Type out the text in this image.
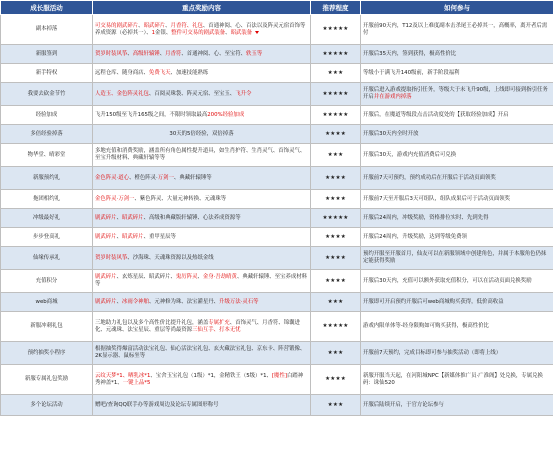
成长服活动	重点奖励内容	推荐程度	如何参与
副本掉落	可交易的剧武碎片、昭武碎片、月香符、礼包、首通神阅、心、百法以及阵灵元宿首饰等养成资源（必掉其一）、1金银、整件可交易的剧武装备、昭武装备	★★★★★	开服前90天内，T12及以上难度副本击杀尾王必掉其一，高概率，离开者后需付
新服签到	贺岁时装风筝、高级轩辕锤、月香符、首通神阅、心、至宝符、轶玉等	★★★★★	开服后35天内，签到获得，极高性价比
新手特权	远程仓库、随身商店、免费飞天、加速技能熟练	★★★	等级小于满飞升140级前，新手阶段福利
我要去砍金节竹	人造玉、金色阵灵礼包、百阅灵珠袋、阵灵元宿、至宝玉、飞升令	★★★★★	开服后进入游戏提取指引任务，等级大于未飞升90级，上线即可接到指引任务开启并在游戏内掉落
经验加成	飞升150级至飞升165级之间，不限时领取最高200%经验加成	★★★★★	开服后，在魔道等级段点击活动度处的【获取经验加成】开启
多倍经验掉落	30天的5倍经验，双倍掉落	★★★★	开服后30天内全时开放
物华堂、晴彩堂	多地充值和消费奖励，涵盖所有角色属性提升道具，如生肖护符、生肖灵气、首饰灵气、至宝升级材料、典藏轩辕等等	★★★	开服后30天，游戏内充值消费后可兑换
新服预约礼	金色阵灵·道心、橙色阵灵·万剑一、典藏轩辕锤等	★★★★	开服前7天可预约，预约成功后在开服后于活动页面领奖
拖团相约礼	金色阵灵·万剑一、紫色阵灵、大量元神转换、元魂珠等	★★★★	开服前7天至开服后3天可组队，组队成果后可于活动页面领奖
冲级最好礼	剧武碎片、昭武碎片、高级和典藏版轩辕锤、心法养成资源等	★★★★★	开服后24周内，冲级奖励，资格排位实时、先到先得
步步登高礼	剧武碎片、昭武碎片、重甲星辰等	★★★★	开服后24周内，升级奖励，达到等级免费领
仙缘传承礼	贺岁时装风筝、沙海珠、天魂珠资源以及热纸金线	★★★★	预约开服至开服首月，仙友可以在新服领域中创建角色，并属于本服角色仍抹定能获得奖励
充值积分	剧武碎片、玄炼星辰、昭武碎片、鬼厉阵灵、金身·吾劫晴黄、典藏轩辕锤、至宝养成材料等	★★★★	开服后30天内，充值可以额外获取充值积分，可以在活动页面兑换奖励
web商城	剧武碎片、冰雨令神舶、元神修为珠、法宝灌星丹、升级万法·灵石等	★★★	开服即可开启预约开服后可web商城购买获得，低价高收益
新服冲刺礼包	三地助力礼包以及多个高性价比提升礼包，涵盖专属扩充、首饰灵气、月香符、锦囊进化、元魂珠、法宝星辰、重层等尚最资源三仙互手、打本无忧	★★★★★	游戏内限单体等-经身限购如可购买获得，极高性价比
预约抽奖小程序	根据抽奖得爆富活动法宝礼包、仙心活法宝礼包、玄火藏法宝礼包、京东卡、阵营锻像、2K显示器、鼠标坐等	★★★	开服前7天预约，完成目标即可参与抽奖活动（即将上线）
新服专属礼包奖励	云纹天梦*1、晒乳冰*1、宝舍玉宝礼包（1级）*1，金精铁王（5级）*1、[魔性]白踏神秀神盖*1、一键上品*5	★★★★	新服开服当天起，在河阳城NPC【新媒体推广员·广淮阁】处兑换，专属兑换码：诛仙520
多个论坛活动	赠吧/查询QQ联手办等游戏周边及论坛专属图形称号	★★★	开服后陆续开启，于官方论坛参与
